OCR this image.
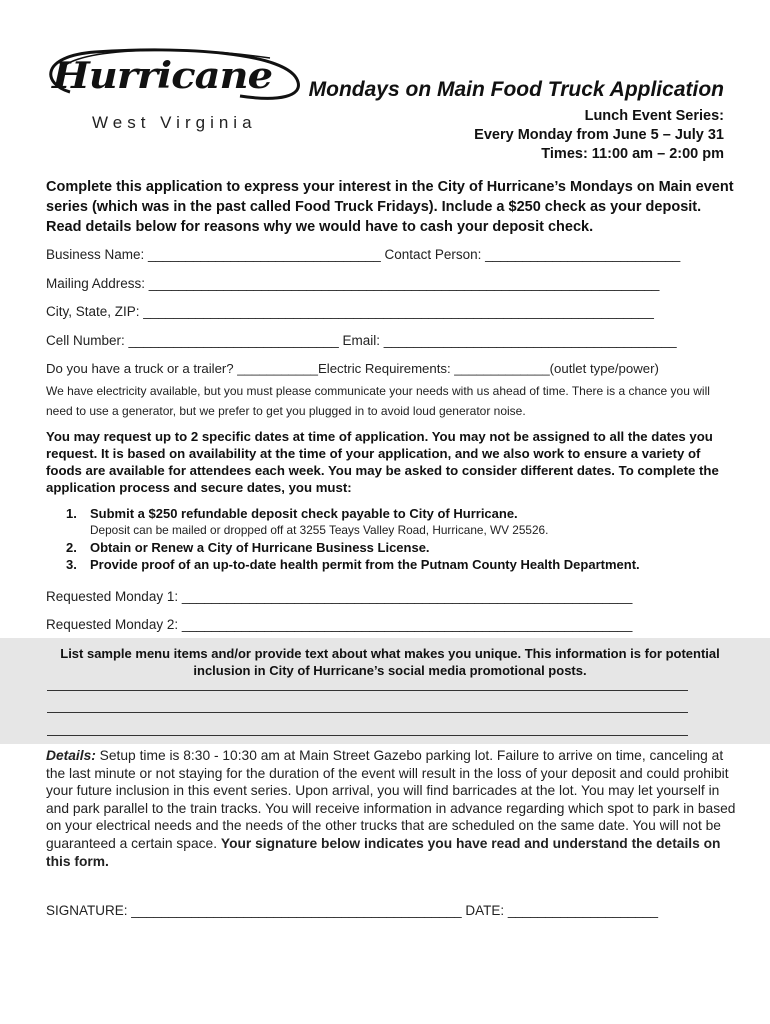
Hurricane
West Virginia
Mondays on Main Food Truck Application
Lunch Event Series:
Every Monday from June 5 – July 31
Times: 11:00 am – 2:00 pm
Complete this application to express your interest in the City of Hurricane’s Mondays on Main event series (which was in the past called Food Truck Fridays). Include a $250 check as your deposit. Read details below for reasons why we would have to cash your deposit check.
Business Name: _______________________________ Contact Person: __________________________
Mailing Address: ____________________________________________________________________
City, State, ZIP: ____________________________________________________________________
Cell Number: ____________________________ Email: _______________________________________
Do you have a truck or a trailer? ___________Electric Requirements: _____________(outlet type/power)
We have electricity available, but you must please communicate your needs with us ahead of time. There is a chance you will need to use a generator, but we prefer to get you plugged in to avoid loud generator noise.
You may request up to 2 specific dates at time of application. You may not be assigned to all the dates you request. It is based on availability at the time of your application, and we also work to ensure a variety of foods are available for attendees each week. You may be asked to consider different dates. To complete the application process and secure dates, you must:
1.	Submit a $250 refundable deposit check payable to City of Hurricane.
Deposit can be mailed or dropped off at 3255 Teays Valley Road, Hurricane, WV 25526.
2.	Obtain or Renew a City of Hurricane Business License.
3.	Provide proof of an up-to-date health permit from the Putnam County Health Department.
Requested Monday 1: ____________________________________________________________
Requested Monday 2: ____________________________________________________________
List sample menu items and/or provide text about what makes you unique. This information is for potential inclusion in City of Hurricane’s social media promotional posts.
Details: Setup time is 8:30 - 10:30 am at Main Street Gazebo parking lot. Failure to arrive on time, canceling at the last minute or not staying for the duration of the event will result in the loss of your deposit and could prohibit your future inclusion in this event series. Upon arrival, you will find barricades at the lot. You may let yourself in and park parallel to the train tracks. You will receive information in advance regarding which spot to park in based on your electrical needs and the needs of the other trucks that are scheduled on the same date. You will not be guaranteed a certain space. Your signature below indicates you have read and understand the details on this form.
SIGNATURE: ____________________________________________ DATE: ____________________
